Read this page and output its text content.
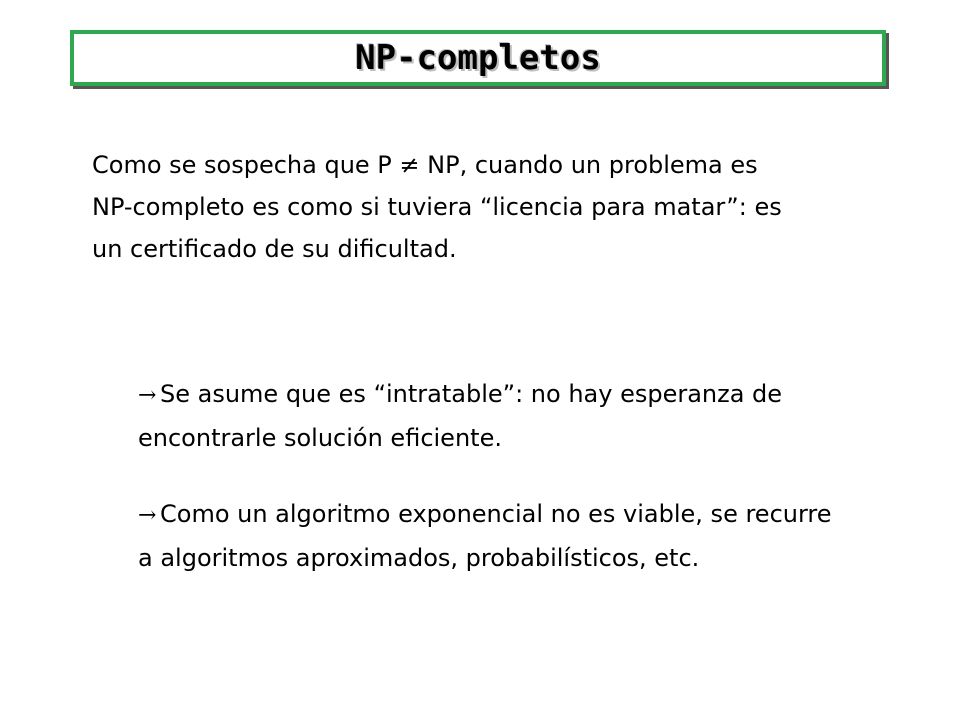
NP-completos

Como se sospecha que P ≠ NP, cuando un problema es NP-completo es como si tuviera “licencia para matar”: es un certificado de su dificultad.

→ Se asume que es “intratable”: no hay esperanza de encontrarle solución eficiente.
→ Como un algoritmo exponencial no es viable, se recurre a algoritmos aproximados, probabilísticos, etc.
